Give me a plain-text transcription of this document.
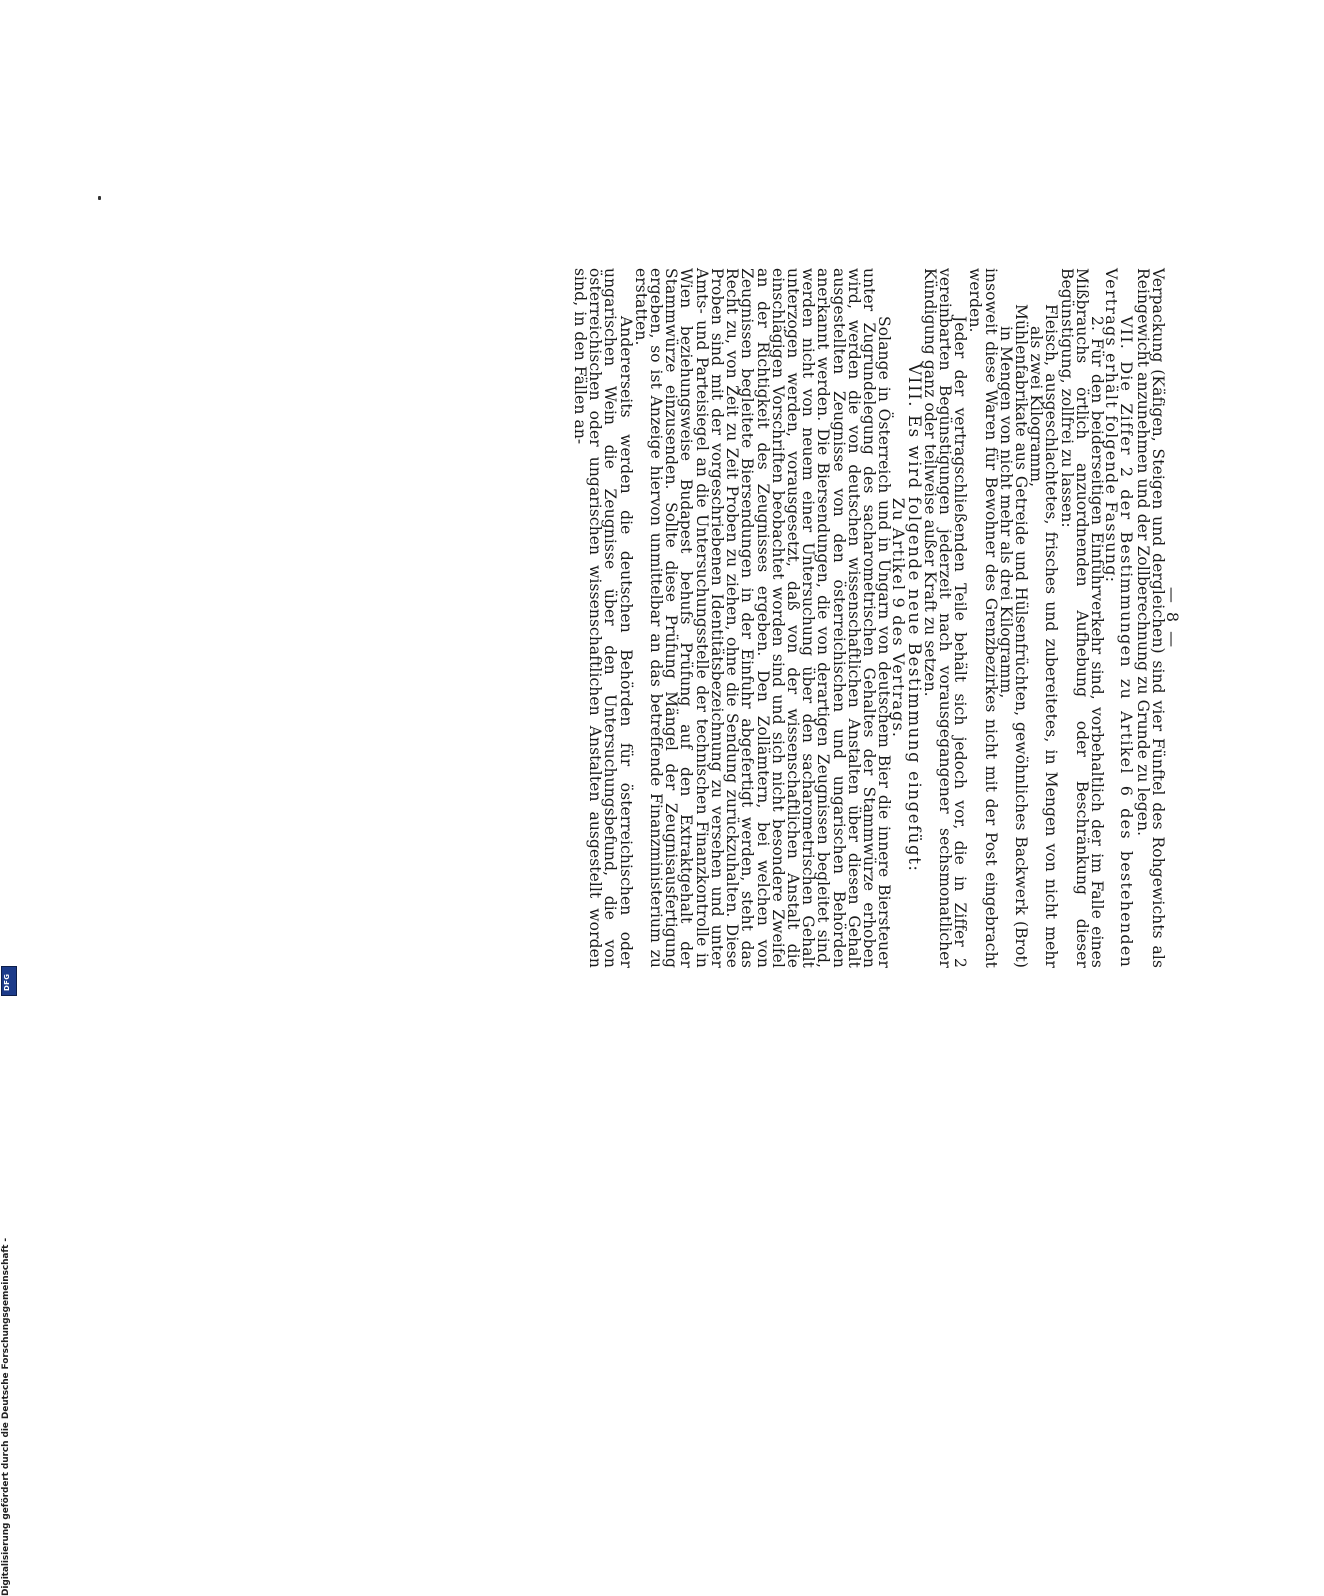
— 8 —

Verpackung (Käfigen, Steigen und dergleichen) sind vier Fünftel des Rohgewichts als Reingewicht anzunehmen und der Zollberechnung zu Grunde zu legen.

VII. Die Ziffer 2 der Bestimmungen zu Artikel 6 des bestehenden Vertrags erhält folgende Fassung:

2. Für den beiderseitigen Einfuhrverkehr sind, vorbehaltlich der im Falle eines Mißbrauchs örtlich anzuordnenden Aufhebung oder Beschränkung dieser Begünstigung, zollfrei zu lassen:

Fleisch, ausgeschlachtetes, frisches und zubereitetes, in Mengen von nicht mehr als zwei Kilogramm,

Mühlenfabrikate aus Getreide und Hülsenfrüchten, gewöhnliches Backwerk (Brot) in Mengen von nicht mehr als drei Kilogramm,

insoweit diese Waren für Bewohner des Grenzbezirkes nicht mit der Post eingebracht werden.

Jeder der vertragschließenden Teile behält sich jedoch vor, die in Ziffer 2 vereinbarten Begünstigungen jederzeit nach vorausgegangener sechsmonatlicher Kündigung ganz oder teilweise außer Kraft zu setzen.

VIII. Es wird folgende neue Bestimmung eingefügt:

Zu Artikel 9 des Vertrags.

Solange in Österreich und in Ungarn von deutschem Bier die innere Biersteuer unter Zugrundelegung des sacharometrischen Gehaltes der Stammwürze erhoben wird, werden die von deutschen wissenschaftlichen Anstalten über diesen Gehalt ausgestellten Zeugnisse von den österreichischen und ungarischen Behörden anerkannt werden. Die Biersendungen, die von derartigen Zeugnissen begleitet sind, werden nicht von neuem einer Untersuchung über den sacharometrischen Gehalt unterzogen werden, vorausgesetzt, daß von der wissenschaftlichen Anstalt die einschlägigen Vorschriften beobachtet worden sind und sich nicht besondere Zweifel an der Richtigkeit des Zeugnisses ergeben. Den Zollämtern, bei welchen von Zeugnissen begleitete Biersendungen in der Einfuhr abgefertigt werden, steht das Recht zu, von Zeit zu Zeit Proben zu ziehen, ohne die Sendung zurückzuhalten. Diese Proben sind mit der vorgeschriebenen Identitätsbezeichnung zu versehen und unter Amts- und Parteisiegel an die Untersuchungsstelle der technischen Finanzkontrolle in Wien beziehungsweise Budapest behufs Prüfung auf den Extraktgehalt der Stammwürze einzusenden. Sollte diese Prüfung Mängel der Zeugnisausfertigung ergeben, so ist Anzeige hiervon unmittelbar an das betreffende Finanzministerium zu erstatten.

Andererseits werden die deutschen Behörden für österreichischen oder ungarischen Wein die Zeugnisse über den Untersuchungsbefund, die von österreichischen oder ungarischen wissenschaftlichen Anstalten ausgestellt worden sind, in den Fällen an-

Digitalisierung gefördert durch die Deutsche Forschungsgemeinschaft -
DFG
